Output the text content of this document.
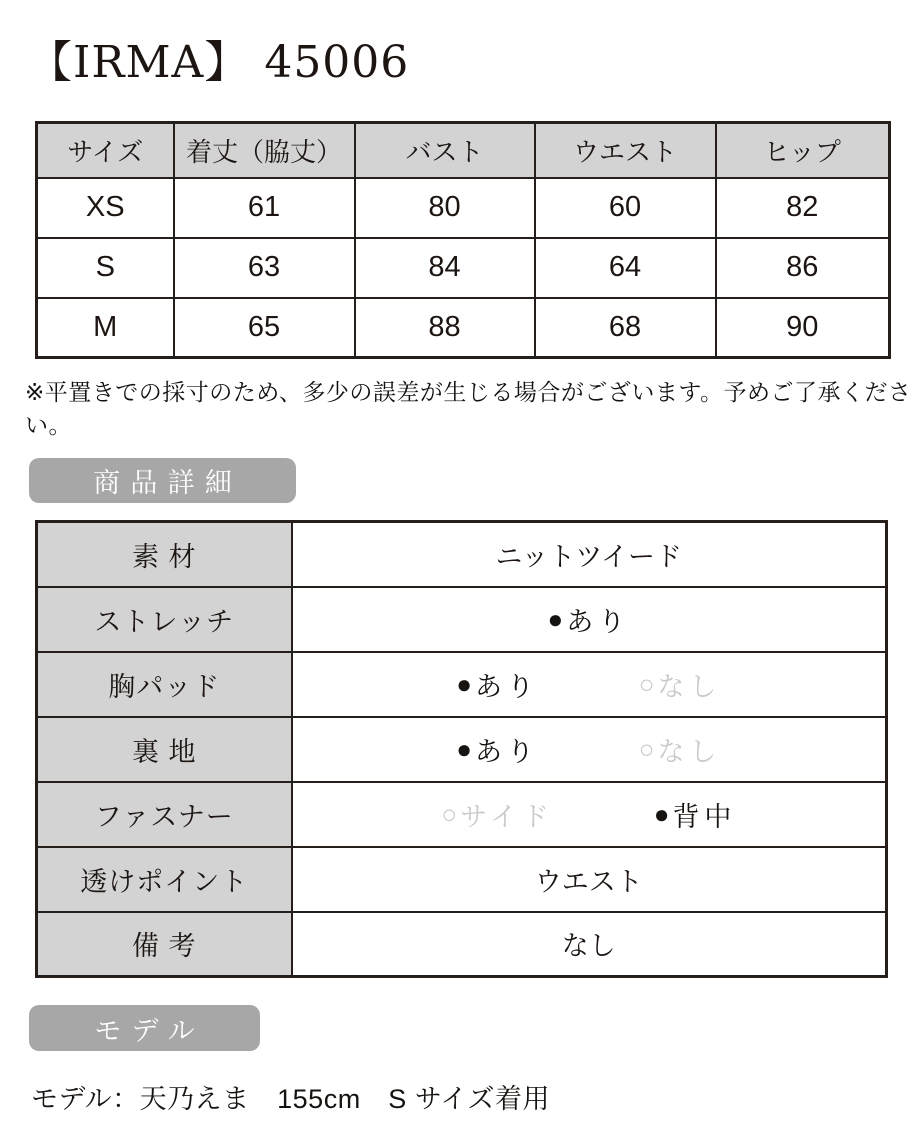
【IRMA】 45006
サイズ	着丈（脇丈）	バスト	ウエスト	ヒップ
XS	61	80	60	82
S	63	84	64	86
M	65	88	68	90

※平置きでの採寸のため、多少の誤差が生じる場合がございます。予めご了承ください。

商品詳細
素 材	ニットツイード
ストレッチ	● あり

胸パッド	● あり ○ なし

裏 地	● あり ○ なし

ファスナー	○ サイド ● 背中

透けポイント	ウエスト
備 考	なし
モデル

モデル：天乃えま　155cm　S サイズ着用
